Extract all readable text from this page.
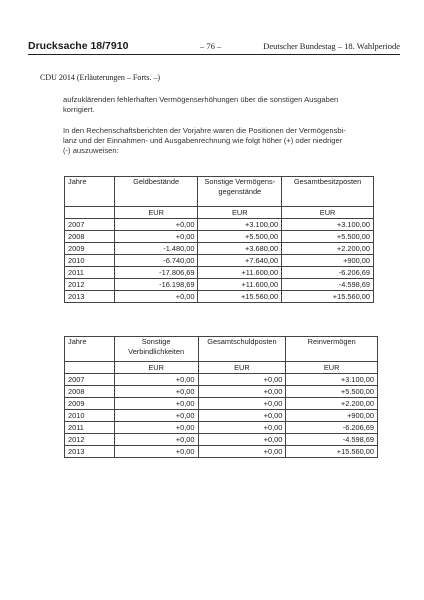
Drucksache 18/7910	– 76 –	Deutscher Bundestag – 18. Wahlperiode
CDU 2014 (Erläuterungen – Forts. –)
aufzuklärenden fehlerhaften Vermögenserhöhungen über die sonstigen Ausgaben
korrigiert.
In den Rechenschaftsberichten der Vorjahre waren die Positionen der Vermögensbi-
lanz und der Einnahmen- und Ausgabenrechnung wie folgt höher (+) oder niedriger
(-) auszuweisen:
Jahre	Geldbestände	Sonstige Vermögens-gegenstände	Gesamtbesitzposten
	EUR	EUR	EUR
2007	+0,00	+3.100,00	+3.100,00
2008	+0,00	+5.500,00	+5.500,00
2009	-1.480,00	+3.680,00	+2.200,00
2010	-6.740,00	+7.640,00	+900,00
2011	-17.806,69	+11.600,00	-6.206,69
2012	-16.198,69	+11.600,00	-4.598,69
2013	+0,00	+15.560,00	+15.560,00
Jahre	Sonstige Verbindlichkeiten	Gesamtschuldposten	Reinvermögen
	EUR	EUR	EUR
2007	+0,00	+0,00	+3.100,00
2008	+0,00	+0,00	+5.500,00
2009	+0,00	+0,00	+2.200,00
2010	+0,00	+0,00	+900,00
2011	+0,00	+0,00	-6.206,69
2012	+0,00	+0,00	-4.598,69
2013	+0,00	+0,00	+15.560,00
